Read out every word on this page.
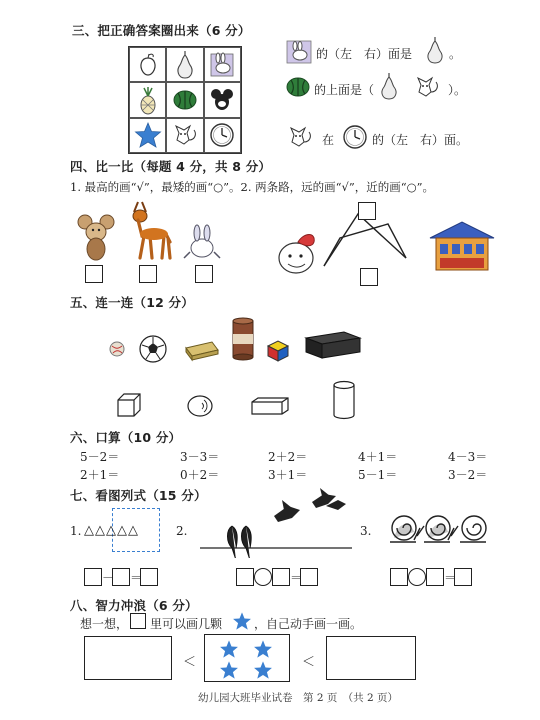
三、把正确答案圈出来（6 分）
的（左　右）面是	。
的上面是（	）。
在	的（左　右）面。
四、比一比（每题 4 分，共 8 分）
1. 最高的画“√”，最矮的画“○”。2. 两条路，远的画“√”，近的画“○”。
五、连一连（12 分）
六、口算（10 分）
5－2＝	3－3＝	2＋2＝	4＋1＝	4－3＝
2＋1＝	0＋2＝	3＋1＝	5－1＝	3－2＝
七、看图列式（15 分）
1. △△△△△	2.	3.
－ ＝	＝	＝
八、智力冲浪（6 分）
想一想， 里可以画几颗	，自己动手画一画。
＜	＜
幼儿园大班毕业试卷　第 2 页　（共 2 页）
